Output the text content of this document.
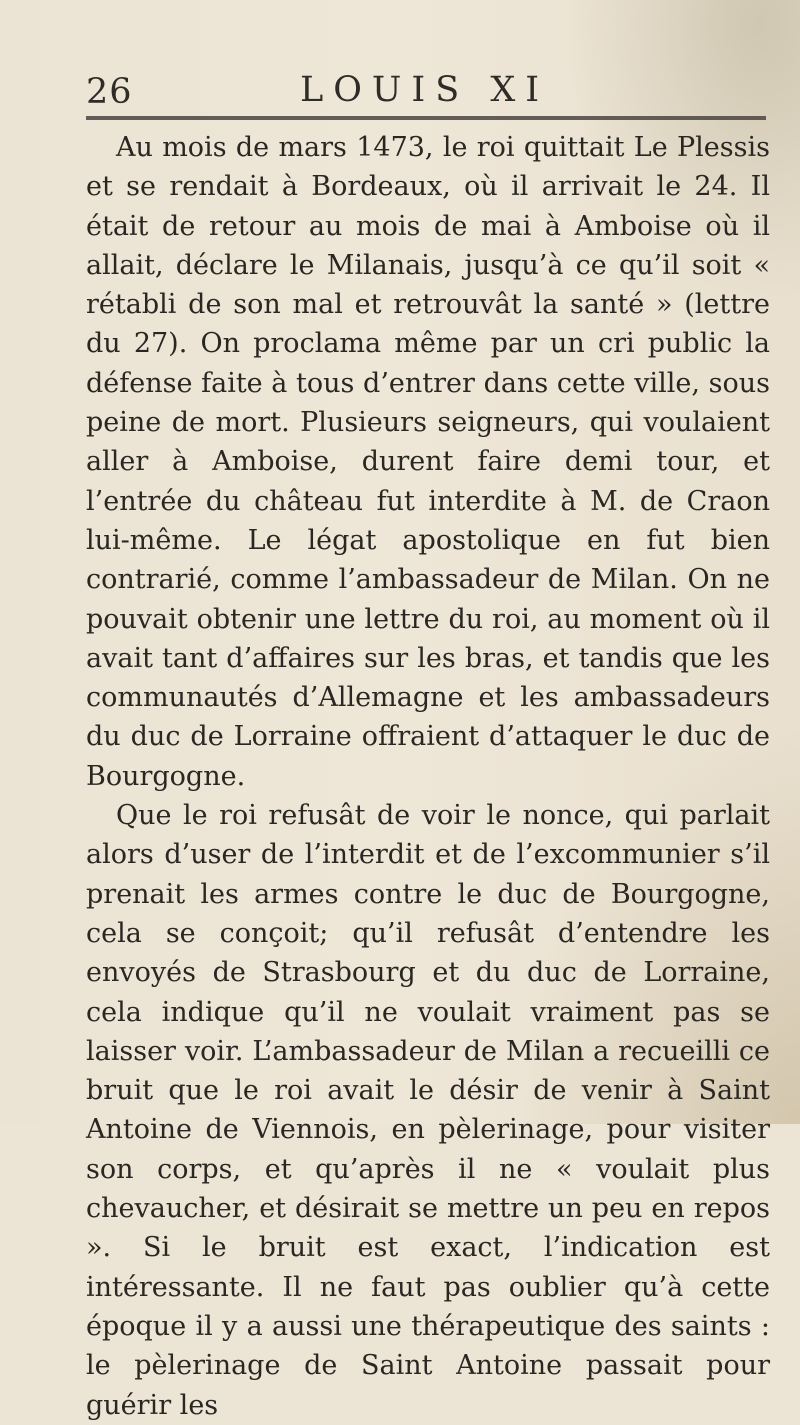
26	LOUIS XI

Au mois de mars 1473, le roi quittait Le Plessis et se rendait à Bordeaux, où il arrivait le 24. Il était de retour au mois de mai à Amboise où il allait, déclare le Milanais, jusqu’à ce qu’il soit « rétabli de son mal et retrouvât la santé » (lettre du 27). On proclama même par un cri public la défense faite à tous d’entrer dans cette ville, sous peine de mort. Plusieurs seigneurs, qui voulaient aller à Amboise, durent faire demi tour, et l’entrée du château fut interdite à M. de Craon lui-même. Le légat apostolique en fut bien contrarié, comme l’ambassadeur de Milan. On ne pouvait obtenir une lettre du roi, au moment où il avait tant d’affaires sur les bras, et tandis que les communautés d’Allemagne et les ambassadeurs du duc de Lorraine offraient d’attaquer le duc de Bourgogne.

Que le roi refusât de voir le nonce, qui parlait alors d’user de l’interdit et de l’excommunier s’il prenait les armes contre le duc de Bourgogne, cela se conçoit; qu’il refusât d’entendre les envoyés de Strasbourg et du duc de Lorraine, cela indique qu’il ne voulait vraiment pas se laisser voir. L’ambassadeur de Milan a recueilli ce bruit que le roi avait le désir de venir à Saint Antoine de Viennois, en pèlerinage, pour visiter son corps, et qu’après il ne « voulait plus chevaucher, et désirait se mettre un peu en repos ». Si le bruit est exact, l’indication est intéressante. Il ne faut pas oublier qu’à cette époque il y a aussi une thérapeutique des saints : le pèlerinage de Saint Antoine passait pour guérir les
